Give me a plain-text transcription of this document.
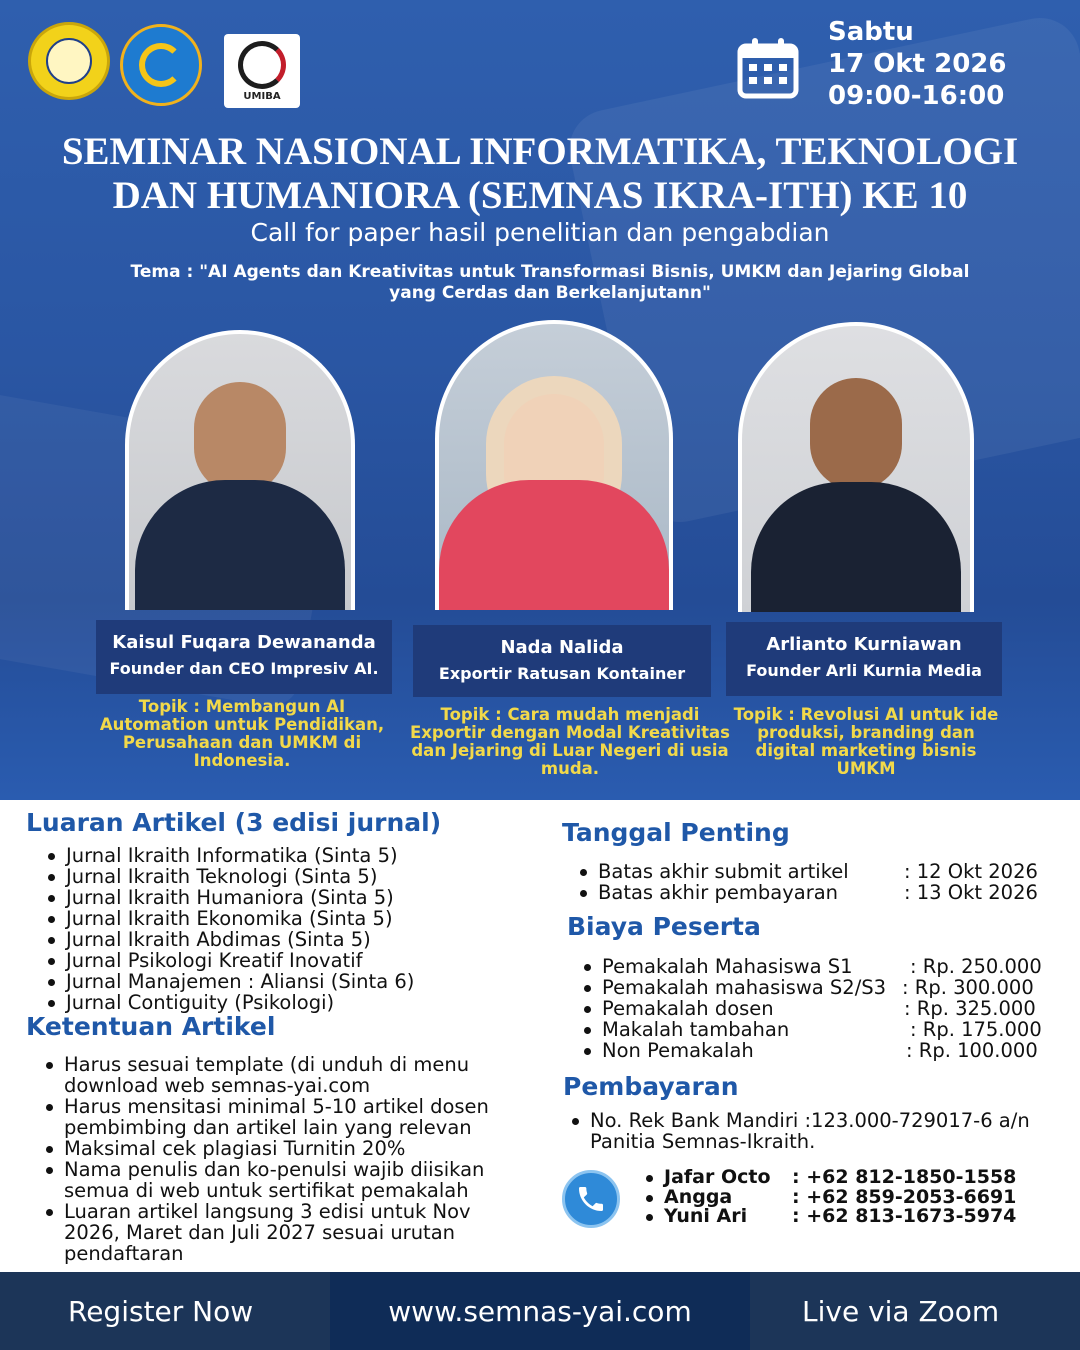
UMIBA
Sabtu
17 Okt 2026
09:00-16:00
SEMINAR NASIONAL INFORMATIKA, TEKNOLOGI
DAN HUMANIORA (SEMNAS IKRA-ITH) KE 10
Call for paper hasil penelitian dan pengabdian
Tema : "AI Agents dan Kreativitas untuk Transformasi Bisnis, UMKM dan Jejaring Global
yang Cerdas dan Berkelanjutann"
Kaisul Fuqara Dewananda
Founder dan CEO Impresiv AI.
Nada Nalida
Exportir Ratusan Kontainer
Arlianto Kurniawan
Founder Arli Kurnia Media
Topik : Membangun AI Automation untuk Pendidikan, Perusahaan dan UMKM di Indonesia.
Topik : Cara mudah menjadi Exportir dengan Modal Kreativitas dan Jejaring di Luar Negeri di usia muda.
Topik : Revolusi AI untuk ide produksi, branding dan digital marketing bisnis UMKM
Luaran Artikel (3 edisi jurnal)
Jurnal Ikraith Informatika (Sinta 5)
Jurnal Ikraith Teknologi (Sinta 5)
Jurnal Ikraith Humaniora (Sinta 5)
Jurnal Ikraith Ekonomika (Sinta 5)
Jurnal Ikraith Abdimas (Sinta 5)
Jurnal Psikologi Kreatif Inovatif
Jurnal Manajemen : Aliansi (Sinta 6)
Jurnal Contiguity (Psikologi)
Ketentuan Artikel
Harus sesuai template (di unduh di menu download web semnas-yai.com
Harus mensitasi minimal 5-10 artikel dosen pembimbing dan artikel lain yang relevan
Maksimal cek plagiasi Turnitin 20%
Nama penulis dan ko-penulsi wajib diisikan semua di web untuk sertifikat pemakalah
Luaran artikel langsung 3 edisi untuk Nov 2026, Maret dan Juli 2027 sesuai urutan pendaftaran
Tanggal Penting
Batas akhir submit artikel	: 12 Okt 2026
Batas akhir pembayaran	: 13 Okt 2026
Biaya Peserta
Pemakalah Mahasiswa S1	: Rp. 250.000
Pemakalah mahasiswa S2/S3 : Rp. 300.000
Pemakalah dosen	: Rp. 325.000
Makalah tambahan	: Rp. 175.000
Non Pemakalah	: Rp. 100.000
Pembayaran
No. Rek Bank Mandiri :123.000-729017-6 a/n
Panitia Semnas-Ikraith.
Jafar Octo	: +62 812-1850-1558
Angga	: +62 859-2053-6691
Yuni Ari	: +62 813-1673-5974
Register Now	www.semnas-yai.com	Live via Zoom
